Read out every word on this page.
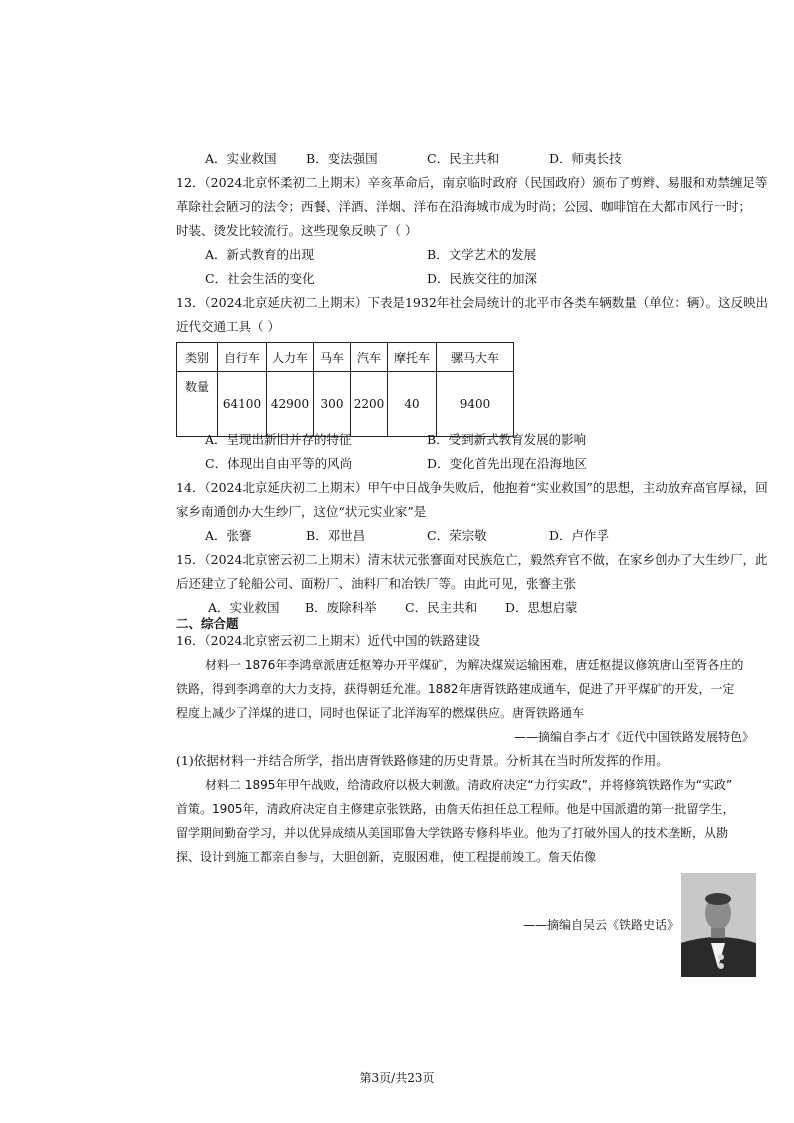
A．实业救国 B．变法强国	C．民主共和	D．师夷长技
12．（2024北京怀柔初二上期末）辛亥革命后，南京临时政府（民国政府）颁布了剪辫、易服和劝禁缠足等
革除社会陋习的法令；西餐、洋酒、洋烟、洋布在沿海城市成为时尚；公园、咖啡馆在大都市风行一时；
时装、烫发比较流行。这些现象反映了（ ）
A．新式教育的出现	B．文学艺术的发展
C．社会生活的变化	D．民族交往的加深
13．（2024北京延庆初二上期末）下表是1932年社会局统计的北平市各类车辆数量（单位：辆）。这反映出
近代交通工具（ ）
类别	自行车	人力车	马车	汽车	摩托车	骡马大车
数量	64100	42900	300	2200	40	9400
A．呈现出新旧并存的特征	B．受到新式教育发展的影响
C．体现出自由平等的风尚	D．变化首先出现在沿海地区
14．（2024北京延庆初二上期末）甲午中日战争失败后，他抱着“实业救国”的思想，主动放弃高官厚禄，回
家乡南通创办大生纱厂，这位“状元实业家”是
A．张謇	B．邓世昌	C．荣宗敬	D．卢作孚
15．（2024北京密云初二上期末）清末状元张謇面对民族危亡，毅然弃官不做，在家乡创办了大生纱厂，此
后还建立了轮船公司、面粉厂、油料厂和冶铁厂等。由此可见，张謇主张
A．实业救国 B．废除科举 C．民主共和 D．思想启蒙
二、综合题
16．（2024北京密云初二上期末）近代中国的铁路建设
材料一 1876年李鸿章派唐廷枢筹办开平煤矿，为解决煤炭运输困难，唐廷枢提议修筑唐山至胥各庄的
铁路，得到李鸿章的大力支持，获得朝廷允准。1882年唐胥铁路建成通车，促进了开平煤矿的开发，一定
程度上减少了洋煤的进口，同时也保证了北洋海军的燃煤供应。唐胥铁路通车
——摘编自李占才《近代中国铁路发展特色》
(1)依据材料一并结合所学，指出唐胥铁路修建的历史背景。分析其在当时所发挥的作用。
材料二 1895年甲午战败，给清政府以极大刺激。清政府决定“力行实政”，并将修筑铁路作为“实政”
首策。1905年，清政府决定自主修建京张铁路，由詹天佑担任总工程师。他是中国派遣的第一批留学生，
留学期间勤奋学习，并以优异成绩从美国耶鲁大学铁路专修科毕业。他为了打破外国人的技术垄断，从勘
探、设计到施工都亲自参与，大胆创新，克服困难，使工程提前竣工。詹天佑像
——摘编自吴云《铁路史话》
第3页/共23页
